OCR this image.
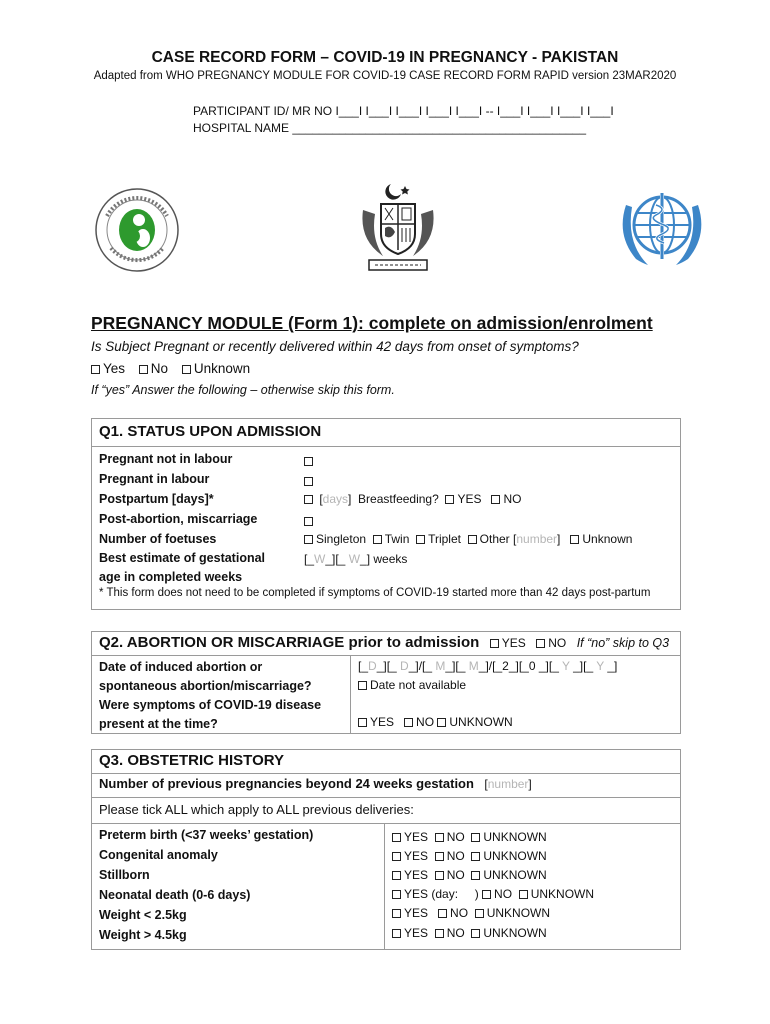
CASE RECORD FORM – COVID-19 IN PREGNANCY - PAKISTAN
Adapted from WHO PREGNANCY MODULE FOR COVID-19 CASE RECORD FORM RAPID version 23MAR2020
PARTICIPANT ID/ MR NO I___I I___I I___I I___I I___I -- I___I I___I I___I I___I
HOSPITAL NAME ____________________________________________
PREGNANCY MODULE (Form 1): complete on admission/enrolment
Is Subject Pregnant or recently delivered within 42 days from onset of symptoms?
Yes No Unknown
If “yes” Answer the following – otherwise skip this form.
Q1. STATUS UPON ADMISSION
Pregnant not in labour
Pregnant in labour
Postpartum [days]*
Post-abortion, miscarriage
Number of foetuses
Best estimate of gestational
age in completed weeks
[days]  Breastfeeding? YES NO
Singleton Twin Triplet Other [number] Unknown
[_W_][_ W_] weeks
* This form does not need to be completed if symptoms of COVID-19 started more than 42 days post-partum
Q2. ABORTION OR MISCARRIAGE prior to admission YES NO If “no” skip to Q3
Date of induced abortion or
spontaneous abortion/miscarriage?
Were symptoms of COVID-19 disease
present at the time?
[_D_][_ D_]/[_ M_][_ M_]/[_2_][_0 _][_ Y _][_ Y _]
Date not available
YES NO UNKNOWN
Q3. OBSTETRIC HISTORY
Number of previous pregnancies beyond 24 weeks gestation [number]
Please tick ALL which apply to ALL previous deliveries:
Preterm birth (<37 weeks’ gestation)
Congenital anomaly
Stillborn
Neonatal death (0-6 days)
Weight < 2.5kg
Weight > 4.5kg
YES NO UNKNOWN
YES NO UNKNOWN
YES NO UNKNOWN
YES (day:     ) NO UNKNOWN
YES NO UNKNOWN
YES NO UNKNOWN
